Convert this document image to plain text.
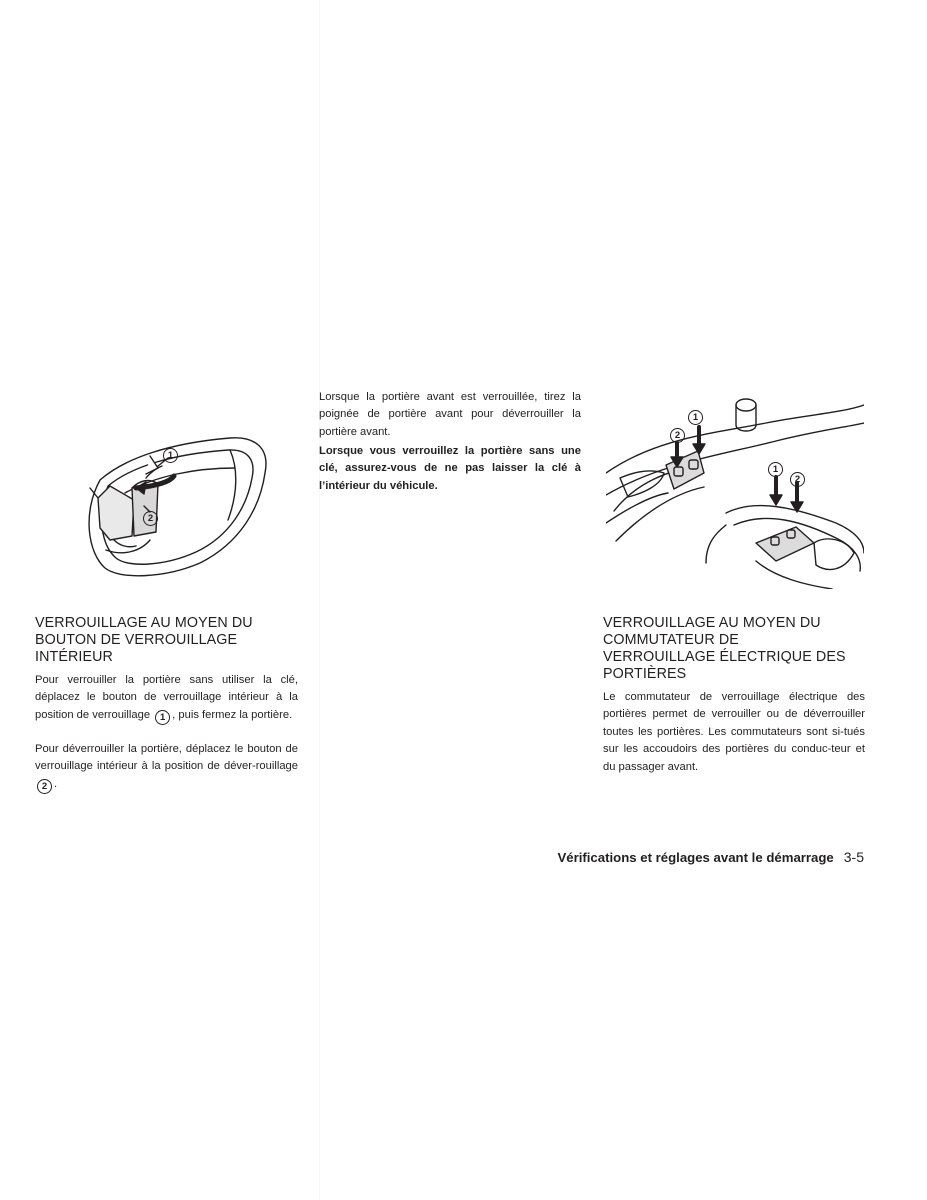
1
2
2
1
1
2
VERROUILLAGE AU MOYEN DU
BOUTON DE VERROUILLAGE
INTÉRIEUR

Pour verrouiller la portière sans utiliser la clé, déplacez le bouton de verrouillage intérieur à la position de verrouillage 1 , puis fermez la portière.

Pour déverrouiller la portière, déplacez le bouton de verrouillage intérieur à la position de déver-rouillage 2 .

Lorsque la portière avant est verrouillée, tirez la poignée de portière avant pour déverrouiller la portière avant.

Lorsque vous verrouillez la portière sans une clé, assurez-vous de ne pas laisser la clé à l’intérieur du véhicule.

VERROUILLAGE AU MOYEN DU
COMMUTATEUR DE
VERROUILLAGE ÉLECTRIQUE DES
PORTIÈRES

Le commutateur de verrouillage électrique des portières permet de verrouiller ou de déverrouiller toutes les portières. Les commutateurs sont si-tués sur les accoudoirs des portières du conduc-teur et du passager avant.

Vérifications et réglages avant le démarrage 3-5
